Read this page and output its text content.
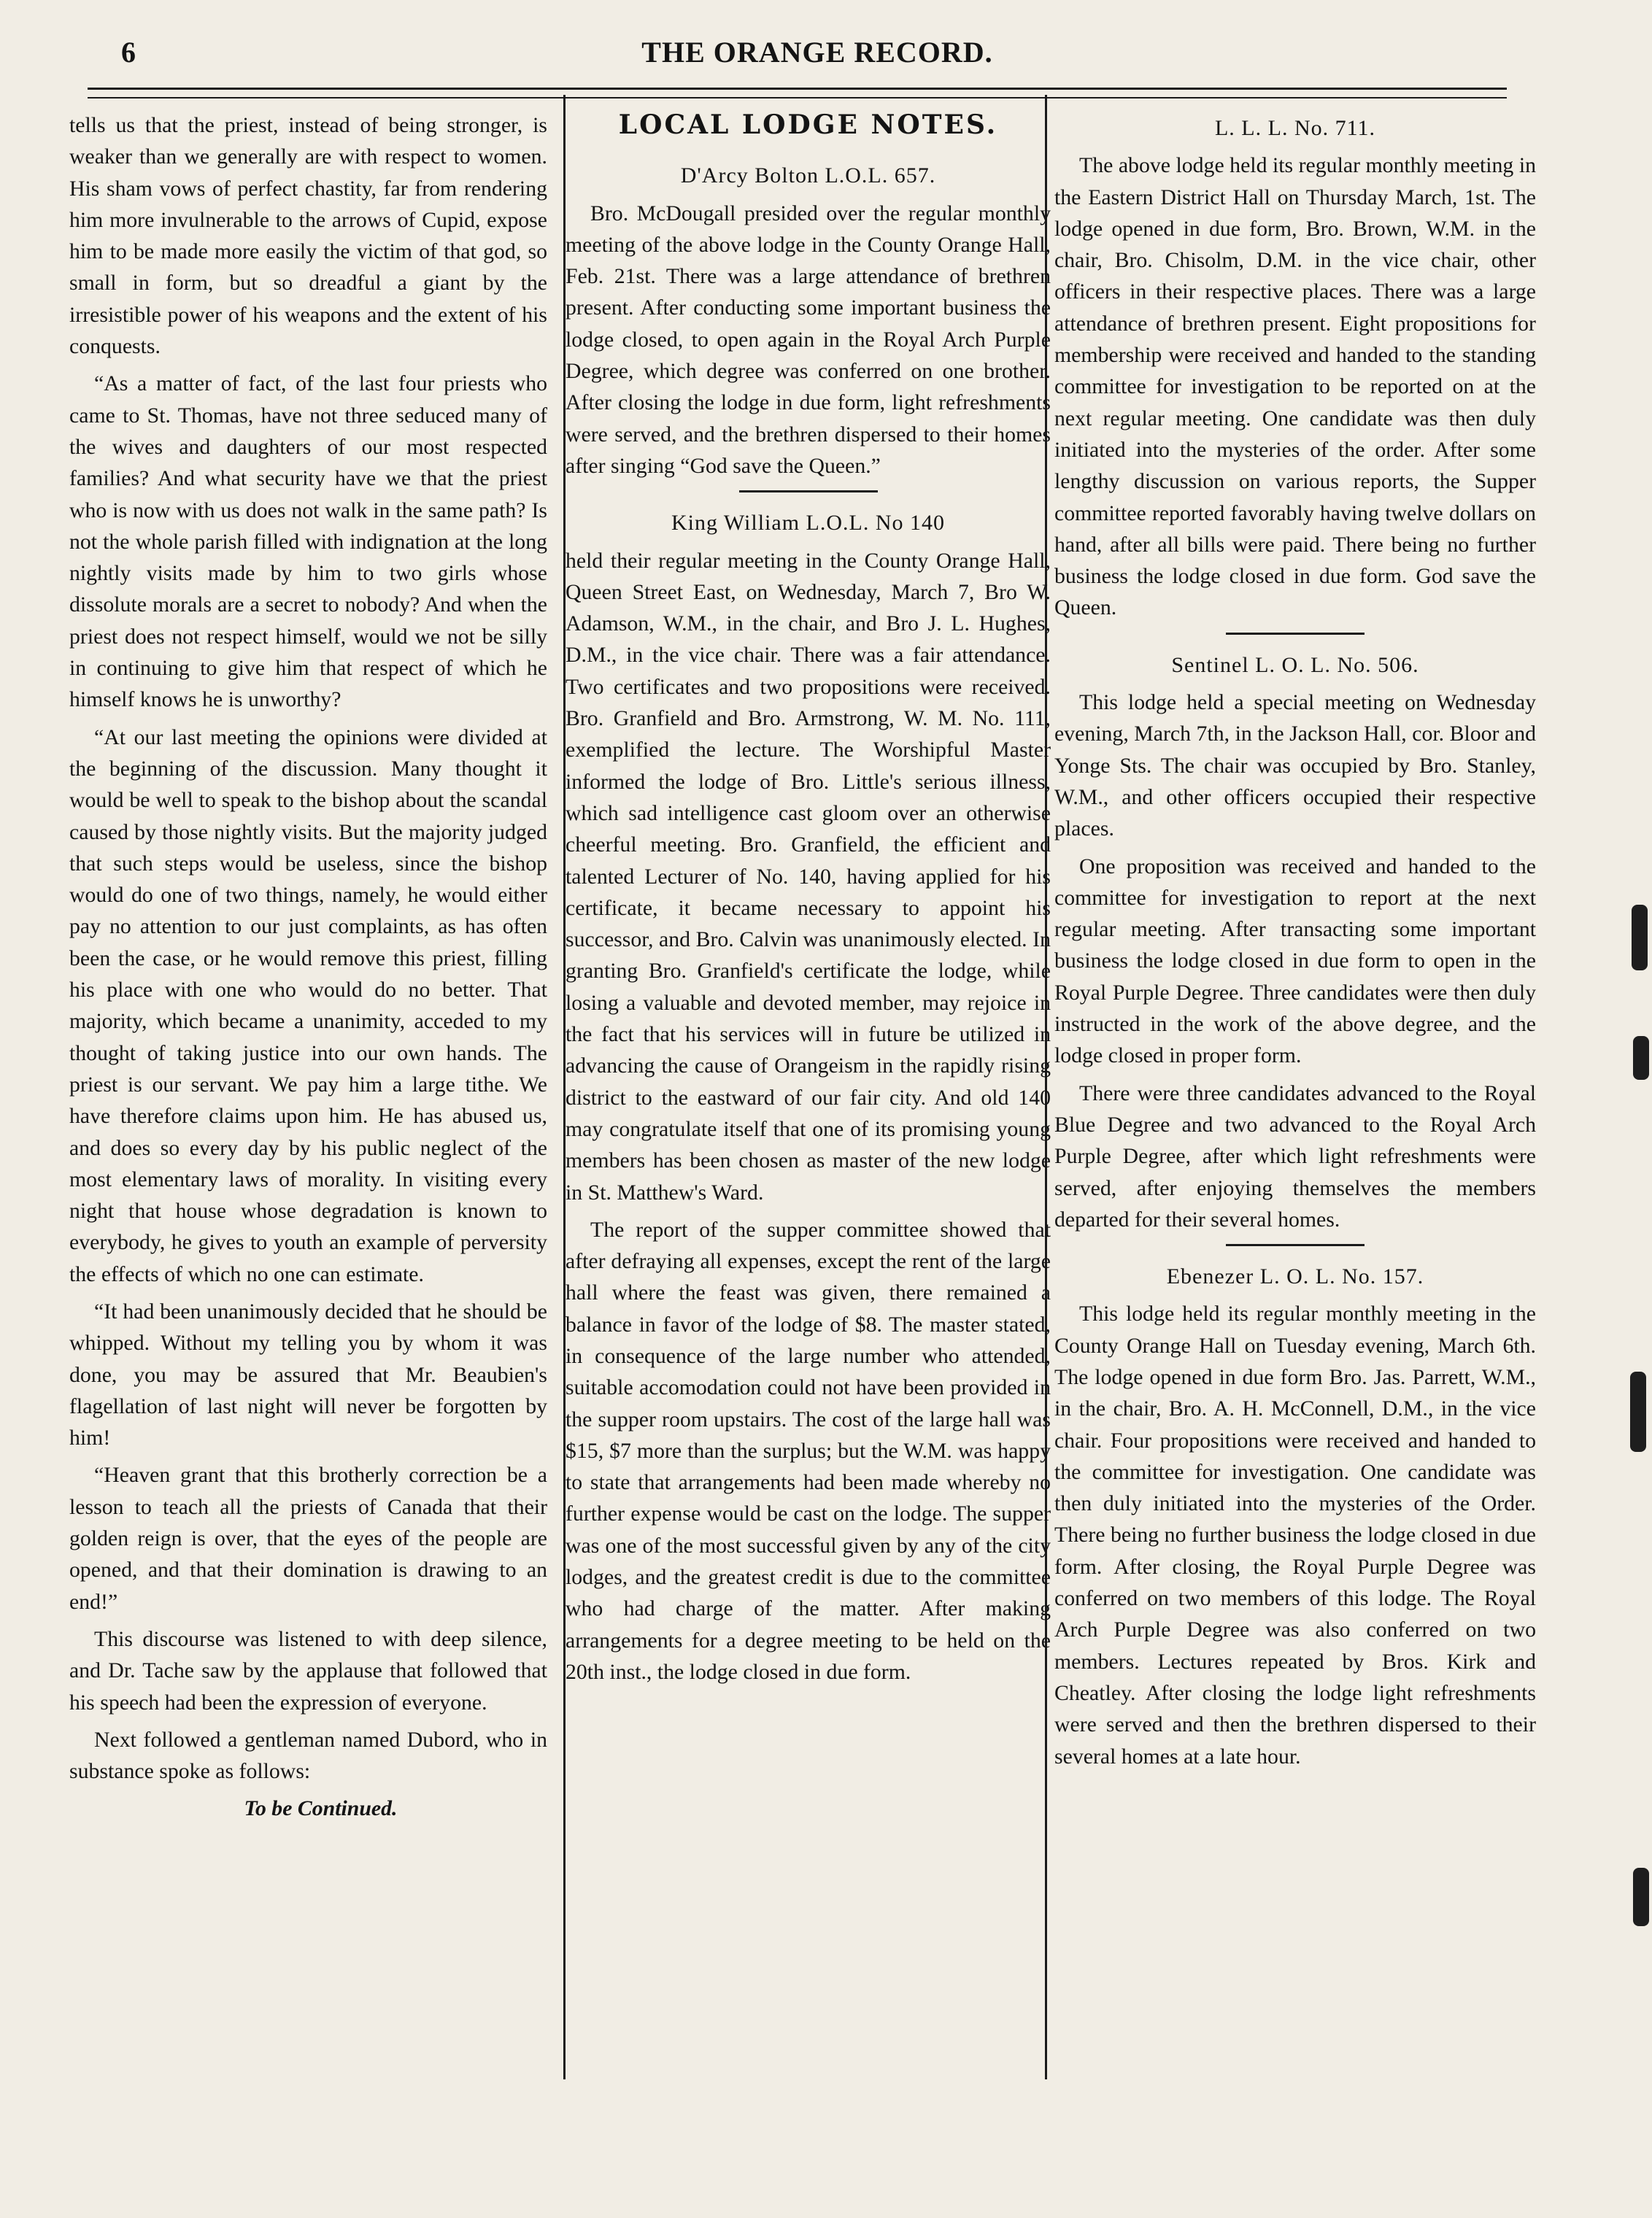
6	THE ORANGE RECORD.

tells us that the priest, instead of being stronger, is weaker than we generally are with respect to women. His sham vows of perfect chastity, far from rendering him more invulnerable to the arrows of Cupid, expose him to be made more easily the victim of that god, so small in form, but so dreadful a giant by the irresistible power of his weapons and the extent of his conquests.

“As a matter of fact, of the last four priests who came to St. Thomas, have not three seduced many of the wives and daughters of our most respected families? And what security have we that the priest who is now with us does not walk in the same path? Is not the whole parish filled with indignation at the long nightly visits made by him to two girls whose dissolute morals are a secret to nobody? And when the priest does not respect himself, would we not be silly in continuing to give him that respect of which he himself knows he is unworthy?

“At our last meeting the opinions were divided at the beginning of the discussion. Many thought it would be well to speak to the bishop about the scandal caused by those nightly visits. But the majority judged that such steps would be useless, since the bishop would do one of two things, namely, he would either pay no attention to our just complaints, as has often been the case, or he would remove this priest, filling his place with one who would do no better. That majority, which became a unanimity, acceded to my thought of taking justice into our own hands. The priest is our servant. We pay him a large tithe. We have therefore claims upon him. He has abused us, and does so every day by his public neglect of the most elementary laws of morality. In visiting every night that house whose degradation is known to everybody, he gives to youth an example of perversity the effects of which no one can estimate.

“It had been unanimously decided that he should be whipped. Without my telling you by whom it was done, you may be assured that Mr. Beaubien's flagellation of last night will never be forgotten by him!

“Heaven grant that this brotherly correction be a lesson to teach all the priests of Canada that their golden reign is over, that the eyes of the people are opened, and that their domination is drawing to an end!”

This discourse was listened to with deep silence, and Dr. Tache saw by the applause that followed that his speech had been the expression of everyone.

Next followed a gentleman named Dubord, who in substance spoke as follows:

To be Continued.

LOCAL LODGE NOTES.
D'Arcy Bolton L.O.L. 657.

Bro. McDougall presided over the regular monthly meeting of the above lodge in the County Orange Hall, Feb. 21st. There was a large attendance of brethren present. After conducting some important business the lodge closed, to open again in the Royal Arch Purple Degree, which degree was conferred on one brother. After closing the lodge in due form, light refreshments were served, and the brethren dispersed to their homes after singing “God save the Queen.”

King William L.O.L. No 140

held their regular meeting in the County Orange Hall, Queen Street East, on Wednesday, March 7, Bro W. Adamson, W.M., in the chair, and Bro J. L. Hughes, D.M., in the vice chair. There was a fair attendance. Two certificates and two propositions were received. Bro. Granfield and Bro. Armstrong, W. M. No. 111, exemplified the lecture. The Worshipful Master informed the lodge of Bro. Little's serious illness, which sad intelligence cast gloom over an otherwise cheerful meeting. Bro. Granfield, the efficient and talented Lecturer of No. 140, having applied for his certificate, it became necessary to appoint his successor, and Bro. Calvin was unanimously elected. In granting Bro. Granfield's certificate the lodge, while losing a valuable and devoted member, may rejoice in the fact that his services will in future be utilized in advancing the cause of Orangeism in the rapidly rising district to the eastward of our fair city. And old 140 may congratulate itself that one of its promising young members has been chosen as master of the new lodge in St. Matthew's Ward.

The report of the supper committee showed that after defraying all expenses, except the rent of the large hall where the feast was given, there remained a balance in favor of the lodge of $8. The master stated, in consequence of the large number who attended, suitable accomodation could not have been provided in the supper room upstairs. The cost of the large hall was $15, $7 more than the surplus; but the W.M. was happy to state that arrangements had been made whereby no further expense would be cast on the lodge. The supper was one of the most successful given by any of the city lodges, and the greatest credit is due to the committee who had charge of the matter. After making arrangements for a degree meeting to be held on the 20th inst., the lodge closed in due form.

L. L. L. No. 711.

The above lodge held its regular monthly meeting in the Eastern District Hall on Thursday March, 1st. The lodge opened in due form, Bro. Brown, W.M. in the chair, Bro. Chisolm, D.M. in the vice chair, other officers in their respective places. There was a large attendance of brethren present. Eight propositions for membership were received and handed to the standing committee for investigation to be reported on at the next regular meeting. One candidate was then duly initiated into the mysteries of the order. After some lengthy discussion on various reports, the Supper committee reported favorably having twelve dollars on hand, after all bills were paid. There being no further business the lodge closed in due form. God save the Queen.

Sentinel L. O. L. No. 506.

This lodge held a special meeting on Wednesday evening, March 7th, in the Jackson Hall, cor. Bloor and Yonge Sts. The chair was occupied by Bro. Stanley, W.M., and other officers occupied their respective places.

One proposition was received and handed to the committee for investigation to report at the next regular meeting. After transacting some important business the lodge closed in due form to open in the Royal Purple Degree. Three candidates were then duly instructed in the work of the above degree, and the lodge closed in proper form.

There were three candidates advanced to the Royal Blue Degree and two advanced to the Royal Arch Purple Degree, after which light refreshments were served, after enjoying themselves the members departed for their several homes.

Ebenezer L. O. L. No. 157.

This lodge held its regular monthly meeting in the County Orange Hall on Tuesday evening, March 6th. The lodge opened in due form Bro. Jas. Parrett, W.M., in the chair, Bro. A. H. McConnell, D.M., in the vice chair. Four propositions were received and handed to the committee for investigation. One candidate was then duly initiated into the mysteries of the Order. There being no further business the lodge closed in due form. After closing, the Royal Purple Degree was conferred on two members of this lodge. The Royal Arch Purple Degree was also conferred on two members. Lectures repeated by Bros. Kirk and Cheatley. After closing the lodge light refreshments were served and then the brethren dispersed to their several homes at a late hour.
